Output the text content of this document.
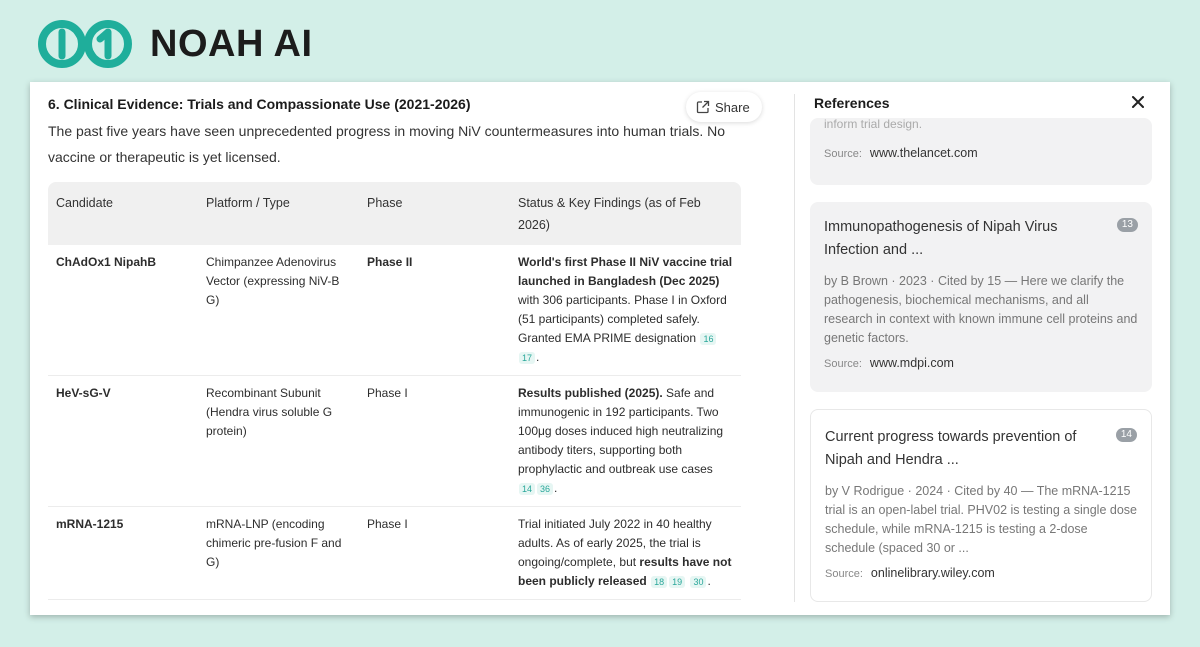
NOAH AI
6. Clinical Evidence: Trials and Compassionate Use (2021-2026)	Share
The past five years have seen unprecedented progress in moving NiV countermeasures into human trials. No vaccine or therapeutic is yet licensed.
Candidate	Platform / Type	Phase	Status & Key Findings (as of Feb 2026)
ChAdOx1 NipahB	Chimpanzee Adenovirus Vector (expressing NiV-B G)	Phase II	World's first Phase II NiV vaccine trial launched in Bangladesh (Dec 2025) with 306 participants. Phase I in Oxford (51 participants) completed safely. Granted EMA PRIME designation 1617 .
HeV-sG-V	Recombinant Subunit (Hendra virus soluble G protein)	Phase I	Results published (2025). Safe and immunogenic in 192 participants. Two 100μg doses induced high neutralizing antibody titers, supporting both prophylactic and outbreak use cases 14 36 .
mRNA-1215	mRNA-LNP (encoding chimeric pre-fusion F and G)	Phase I	Trial initiated July 2022 in 40 healthy adults. As of early 2025, the trial is ongoing/complete, but results have not been publicly released 18 19 30 .
References
inform trial design.
Source: www.thelancet.com
13
Immunopathogenesis of Nipah Virus Infection and ...
by B Brown · 2023 · Cited by 15 — Here we clarify the pathogenesis, biochemical mechanisms, and all research in context with known immune cell proteins and genetic factors.
Source: www.mdpi.com
14
Current progress towards prevention of Nipah and Hendra ...
by V Rodrigue · 2024 · Cited by 40 — The mRNA-1215 trial is an open-label trial. PHV02 is testing a single dose schedule, while mRNA-1215 is testing a 2-dose schedule (spaced 30 or ...
Source: onlinelibrary.wiley.com
